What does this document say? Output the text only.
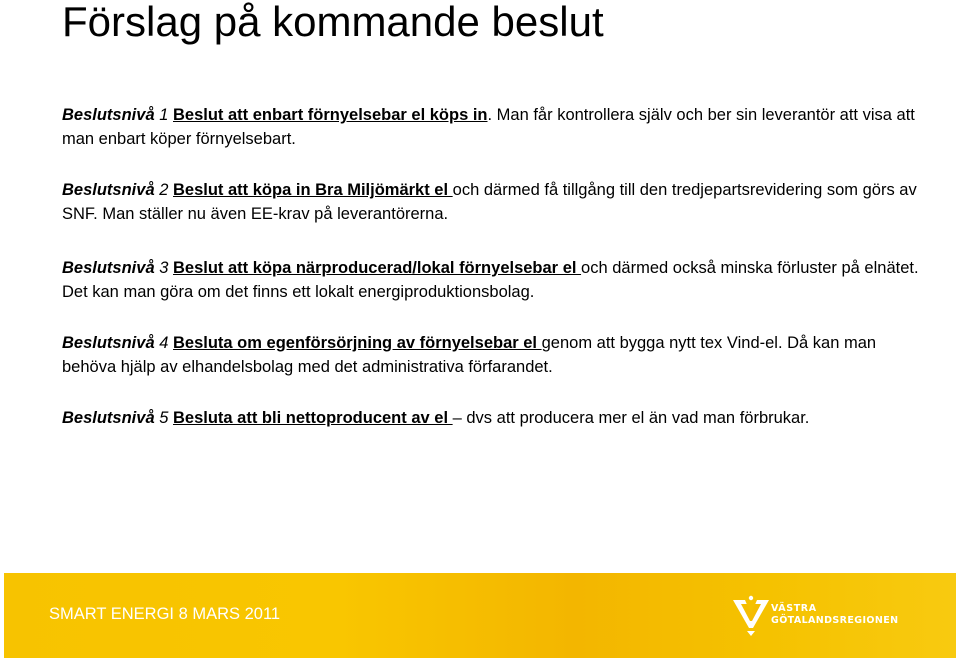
Förslag på kommande beslut

Beslutsnivå 1 Beslut att enbart förnyelsebar el köps in. Man får kontrollera själv och ber sin leverantör att visa att man enbart köper förnyelsebart.

Beslutsnivå 2 Beslut att köpa in Bra Miljömärkt el och därmed få tillgång till den tredjepartsrevidering som görs av SNF. Man ställer nu även EE-krav på leverantörerna.

Beslutsnivå 3 Beslut att köpa närproducerad/lokal förnyelsebar el och därmed också minska förluster på elnätet. Det kan man göra om det finns ett lokalt energiproduktionsbolag.

Beslutsnivå 4 Besluta om egenförsörjning av förnyelsebar el genom att bygga nytt tex Vind-el. Då kan man behöva hjälp av elhandelsbolag med det administrativa förfarandet.

Beslutsnivå 5 Besluta att bli nettoproducent av el – dvs att producera mer el än vad man förbrukar.

SMART ENERGI 8 MARS 2011	VÄSTRA
GÖTALANDSREGIONEN
